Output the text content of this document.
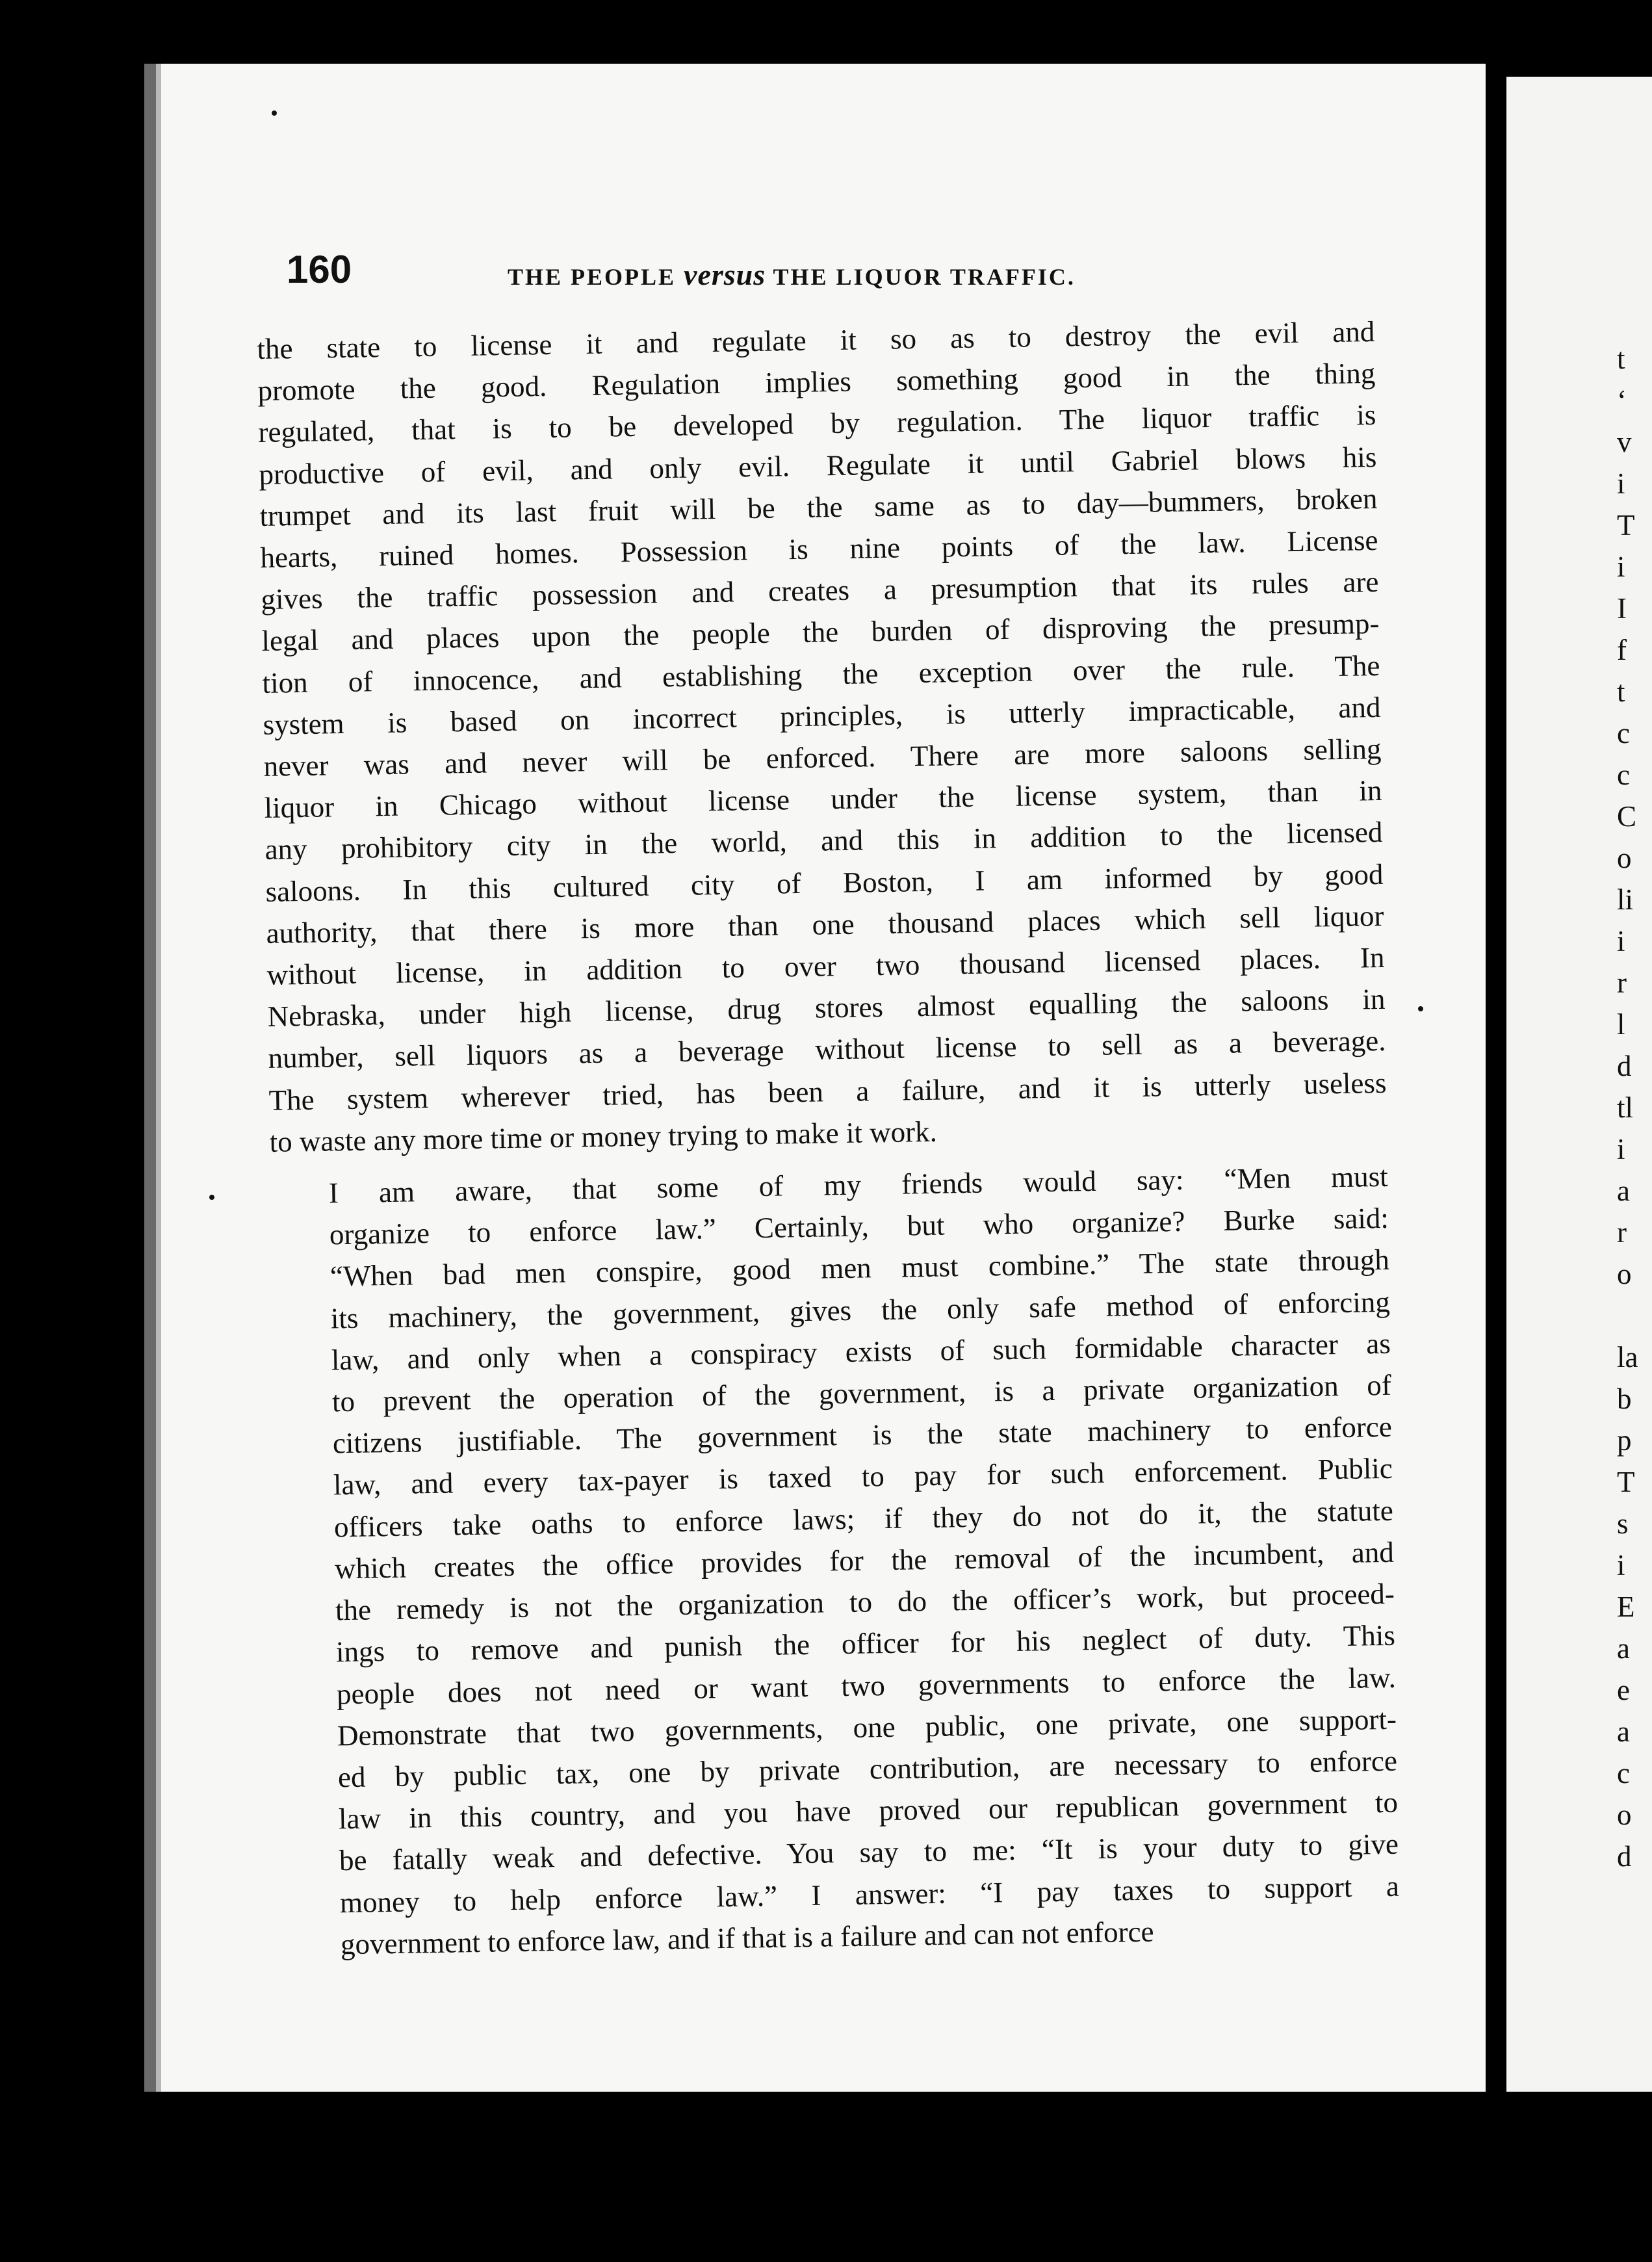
160	THE PEOPLE versus THE LIQUOR TRAFFIC.

the state to license it and regulate it so as to destroy the evil and
promote the good. Regulation implies something good in the thing
regulated, that is to be developed by regulation. The liquor traffic is
productive of evil, and only evil. Regulate it until Gabriel blows his
trumpet and its last fruit will be the same as to day—bummers, broken
hearts, ruined homes. Possession is nine points of the law. License
gives the traffic possession and creates a presumption that its rules are
legal and places upon the people the burden of disproving the presump-
tion of innocence, and establishing the exception over the rule. The
system is based on incorrect principles, is utterly impracticable, and
never was and never will be enforced. There are more saloons selling
liquor in Chicago without license under the license system, than in
any prohibitory city in the world, and this in addition to the licensed
saloons. In this cultured city of Boston, I am informed by good
authority, that there is more than one thousand places which sell liquor
without license, in addition to over two thousand licensed places. In
Nebraska, under high license, drug stores almost equalling the saloons in
number, sell liquors as a beverage without license to sell as a beverage.
The system wherever tried, has been a failure, and it is utterly useless
to waste any more time or money trying to make it work.

I am aware, that some of my friends would say: “Men must
organize to enforce law.” Certainly, but who organize? Burke said:
“When bad men conspire, good men must combine.” The state through
its machinery, the government, gives the only safe method of enforcing
law, and only when a conspiracy exists of such formidable character as
to prevent the operation of the government, is a private organization of
citizens justifiable. The government is the state machinery to enforce
law, and every tax-payer is taxed to pay for such enforcement. Public
officers take oaths to enforce laws; if they do not do it, the statute
which creates the office provides for the removal of the incumbent, and
the remedy is not the organization to do the officer’s work, but proceed-
ings to remove and punish the officer for his neglect of duty. This
people does not need or want two governments to enforce the law.
Demonstrate that two governments, one public, one private, one support-
ed by public tax, one by private contribution, are necessary to enforce
law in this country, and you have proved our republican government to
be fatally weak and defective. You say to me: “It is your duty to give
money to help enforce law.” I answer: “I pay taxes to support a
government to enforce law, and if that is a failure and can not enforce

t
‘
v
i
T
i
I
f
t
c
c
C
o
li
i
r
l
d
tl
i
a
r
o

la
b
p
T
s
i
E
a
e
a
c
o
d
